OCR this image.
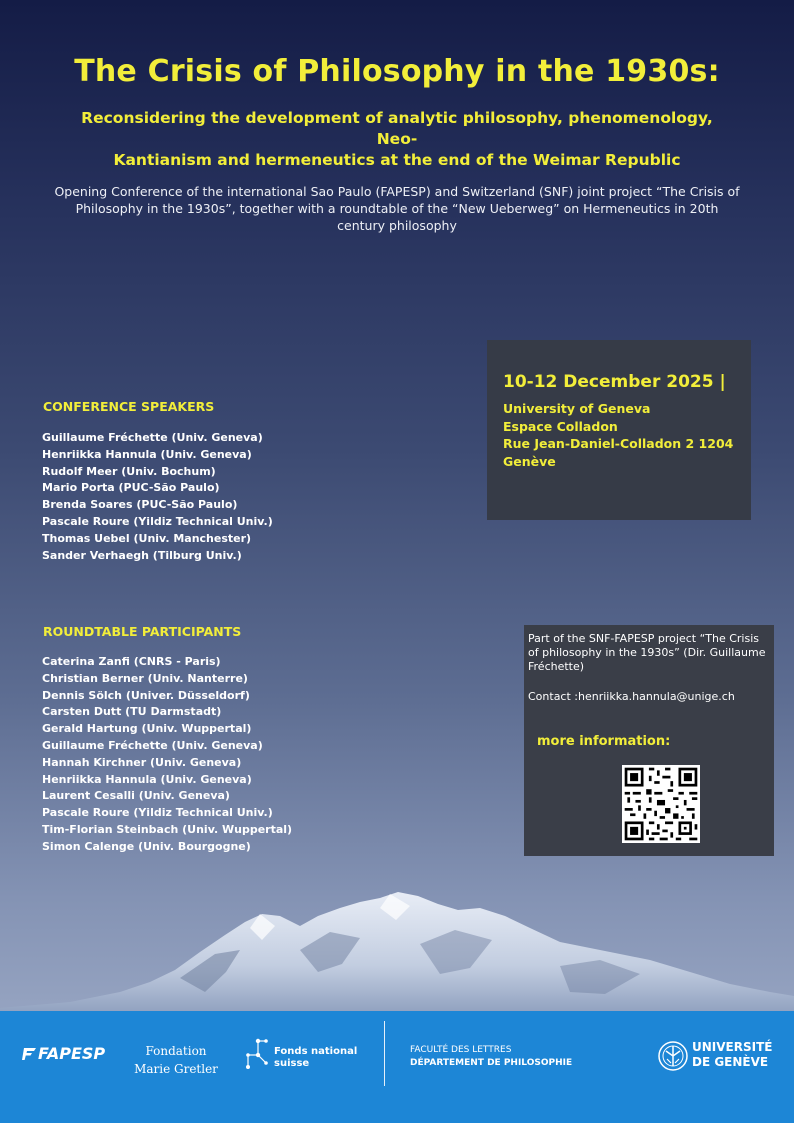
The Crisis of Philosophy in the 1930s:
Reconsidering the development of analytic philosophy, phenomenology, Neo-
Kantianism and hermeneutics at the end of the Weimar Republic

Opening Conference of the international Sao Paulo (FAPESP) and Switzerland (SNF) joint project “The Crisis of Philosophy in the 1930s”, together with a roundtable of the “New Ueberweg” on Hermeneutics in 20th century philosophy

CONFERENCE SPEAKERS
Guillaume Fréchette (Univ. Geneva)
Henriikka Hannula (Univ. Geneva)
Rudolf Meer (Univ. Bochum)
Mario Porta (PUC-São Paulo)
Brenda Soares (PUC-São Paulo)
Pascale Roure (Yildiz Technical Univ.)
Thomas Uebel (Univ. Manchester)
Sander Verhaegh (Tilburg Univ.)
ROUNDTABLE PARTICIPANTS
Caterina Zanfi (CNRS - Paris)
Christian Berner (Univ. Nanterre)
Dennis Sölch (Univer. Düsseldorf)
Carsten Dutt (TU Darmstadt)
Gerald Hartung (Univ. Wuppertal)
Guillaume Fréchette (Univ. Geneva)
Hannah Kirchner (Univ. Geneva)
Henriikka Hannula (Univ. Geneva)
Laurent Cesalli (Univ. Geneva)
Pascale Roure (Yildiz Technical Univ.)
Tim-Florian Steinbach (Univ. Wuppertal)
Simon Calenge (Univ. Bourgogne)

10-12 December 2025 |

University of Geneva
Espace Colladon
Rue Jean-Daniel-Colladon 2 1204
Genève

Part of the SNF-FAPESP project “The Crisis of philosophy in the 1930s” (Dir. Guillaume Fréchette)

Contact :henriikka.hannula@unige.ch

more information:

FAPESP	Fondation
Marie Gretler
Fonds national
suisse
FACULTÉ DES LETTRES
DÉPARTEMENT DE PHILOSOPHIE
UNIVERSITÉ
DE GENÈVE
